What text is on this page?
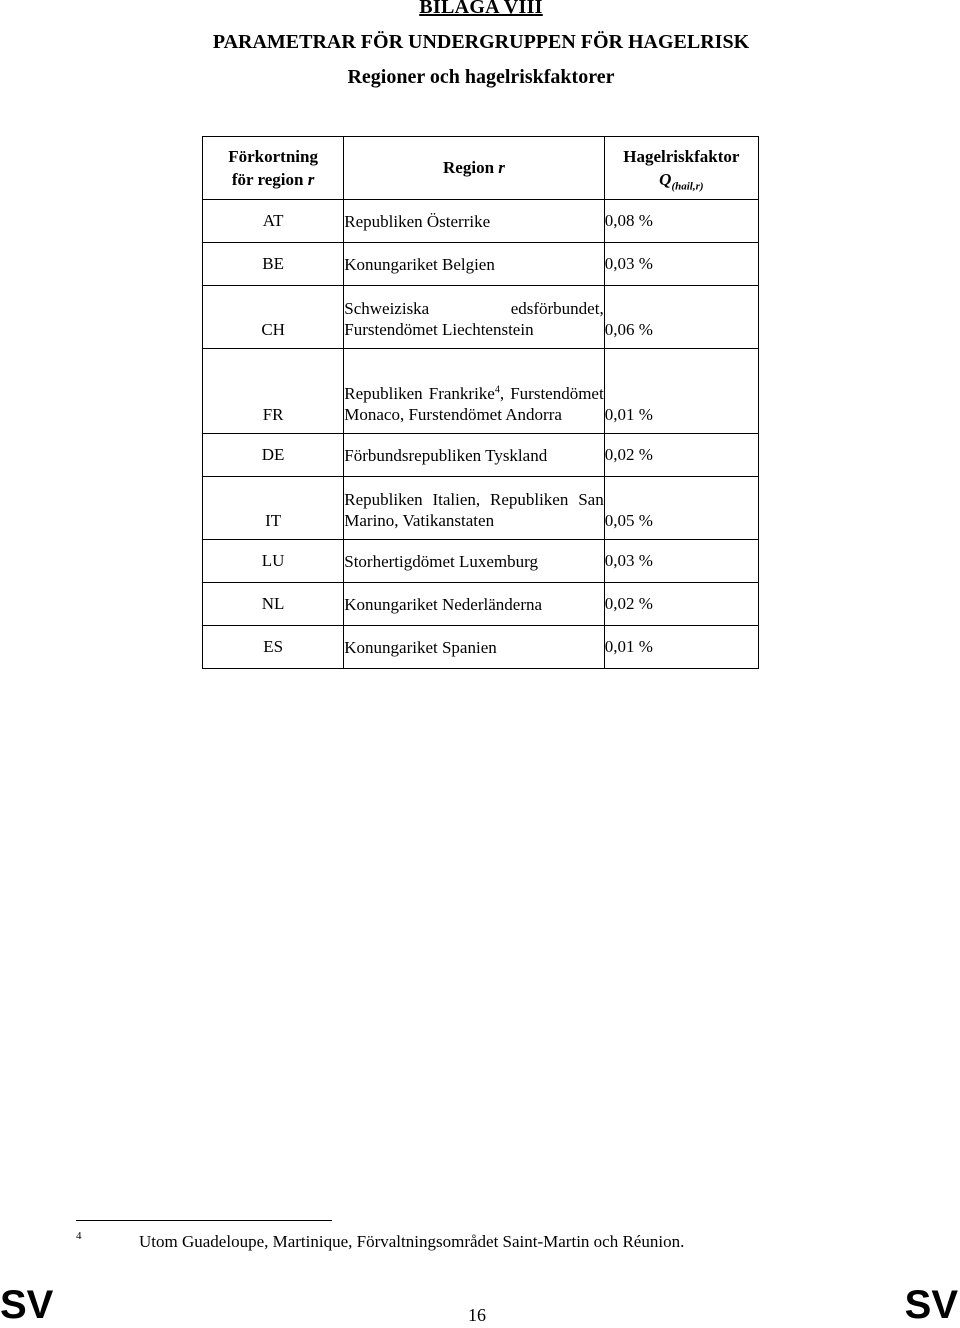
BILAGA VIII
PARAMETRAR FÖR UNDERGRUPPEN FÖR HAGELRISK
Regioner och hagelriskfaktorer
Förkortning
för region r	Region r	Hagelriskfaktor
$Q_{(hail,r)}$

AT	Republiken Österrike	0,08 %
BE	Konungariket Belgien	0,03 %
CH	Schweiziska edsförbundet, Furstendömet Liechtenstein	0,06 %
FR	Republiken Frankrike$^4$, Furstendömet Monaco, Furstendömet Andorra	0,01 %
DE	Förbundsrepubliken Tyskland	0,02 %
IT	Republiken Italien, Republiken San Marino, Vatikanstaten	0,05 %
LU	Storhertigdömet Luxemburg	0,03 %
NL	Konungariket Nederländerna	0,02 %
ES	Konungariket Spanien	0,01 %
4	Utom Guadeloupe, Martinique, Förvaltningsområdet Saint-Martin och Réunion.
SV	16	SV
